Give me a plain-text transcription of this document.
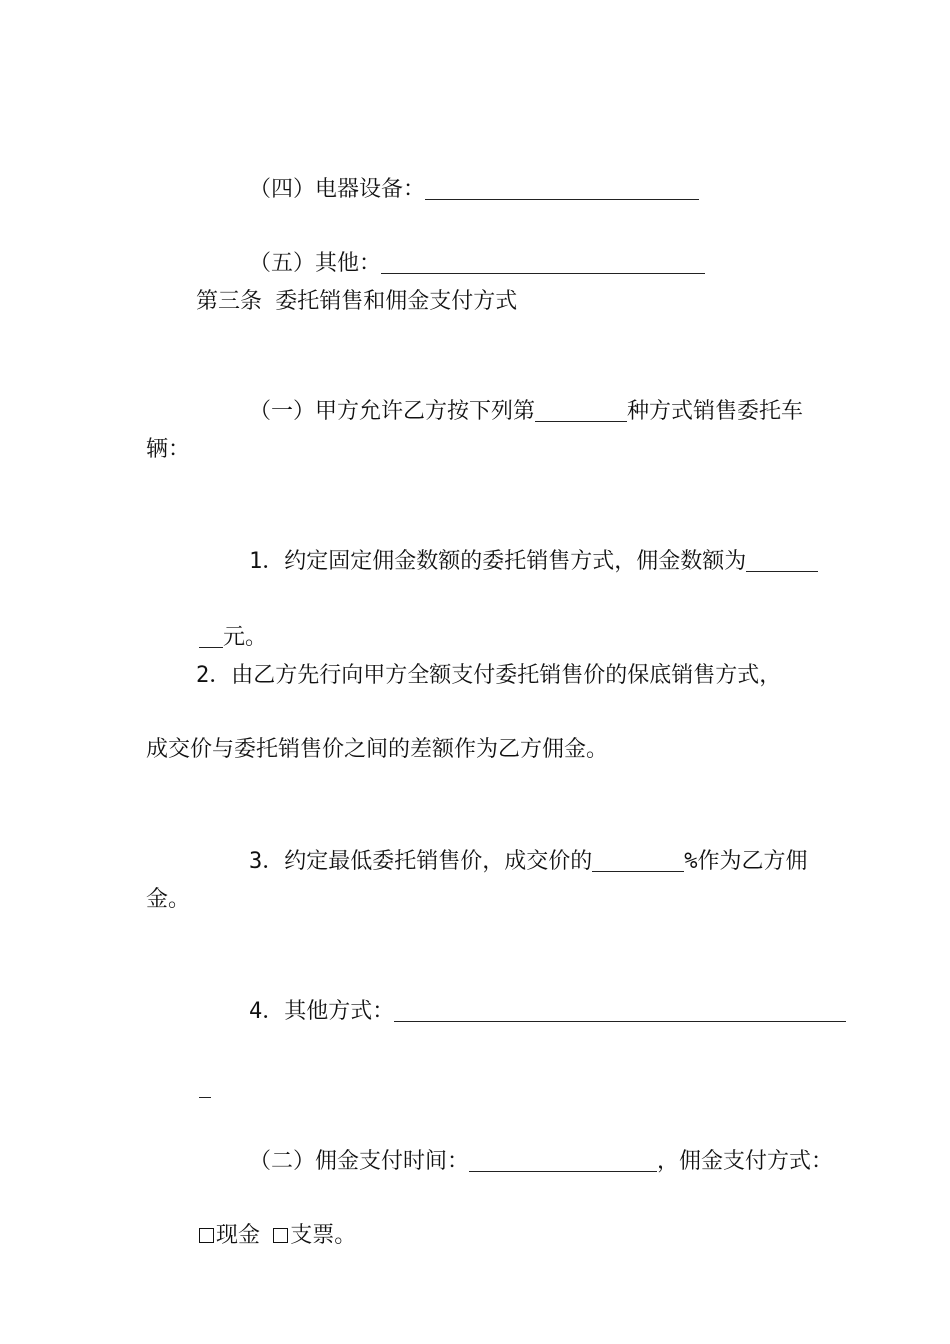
（四）电器设备：

（五）其他：

第三条 委托销售和佣金支付方式

（一）甲方允许乙方按下列第	种方式销售委托车

辆：

1．约定固定佣金数额的委托销售方式，佣金数额为

元。

2．由乙方先行向甲方全额支付委托销售价的保底销售方式，
成交价与委托销售价之间的差额作为乙方佣金。

3．约定最低委托销售价，成交价的	%作为乙方佣

金。

4．其他方式：

（二）佣金支付时间：	，佣金支付方式：

现金 支票。
